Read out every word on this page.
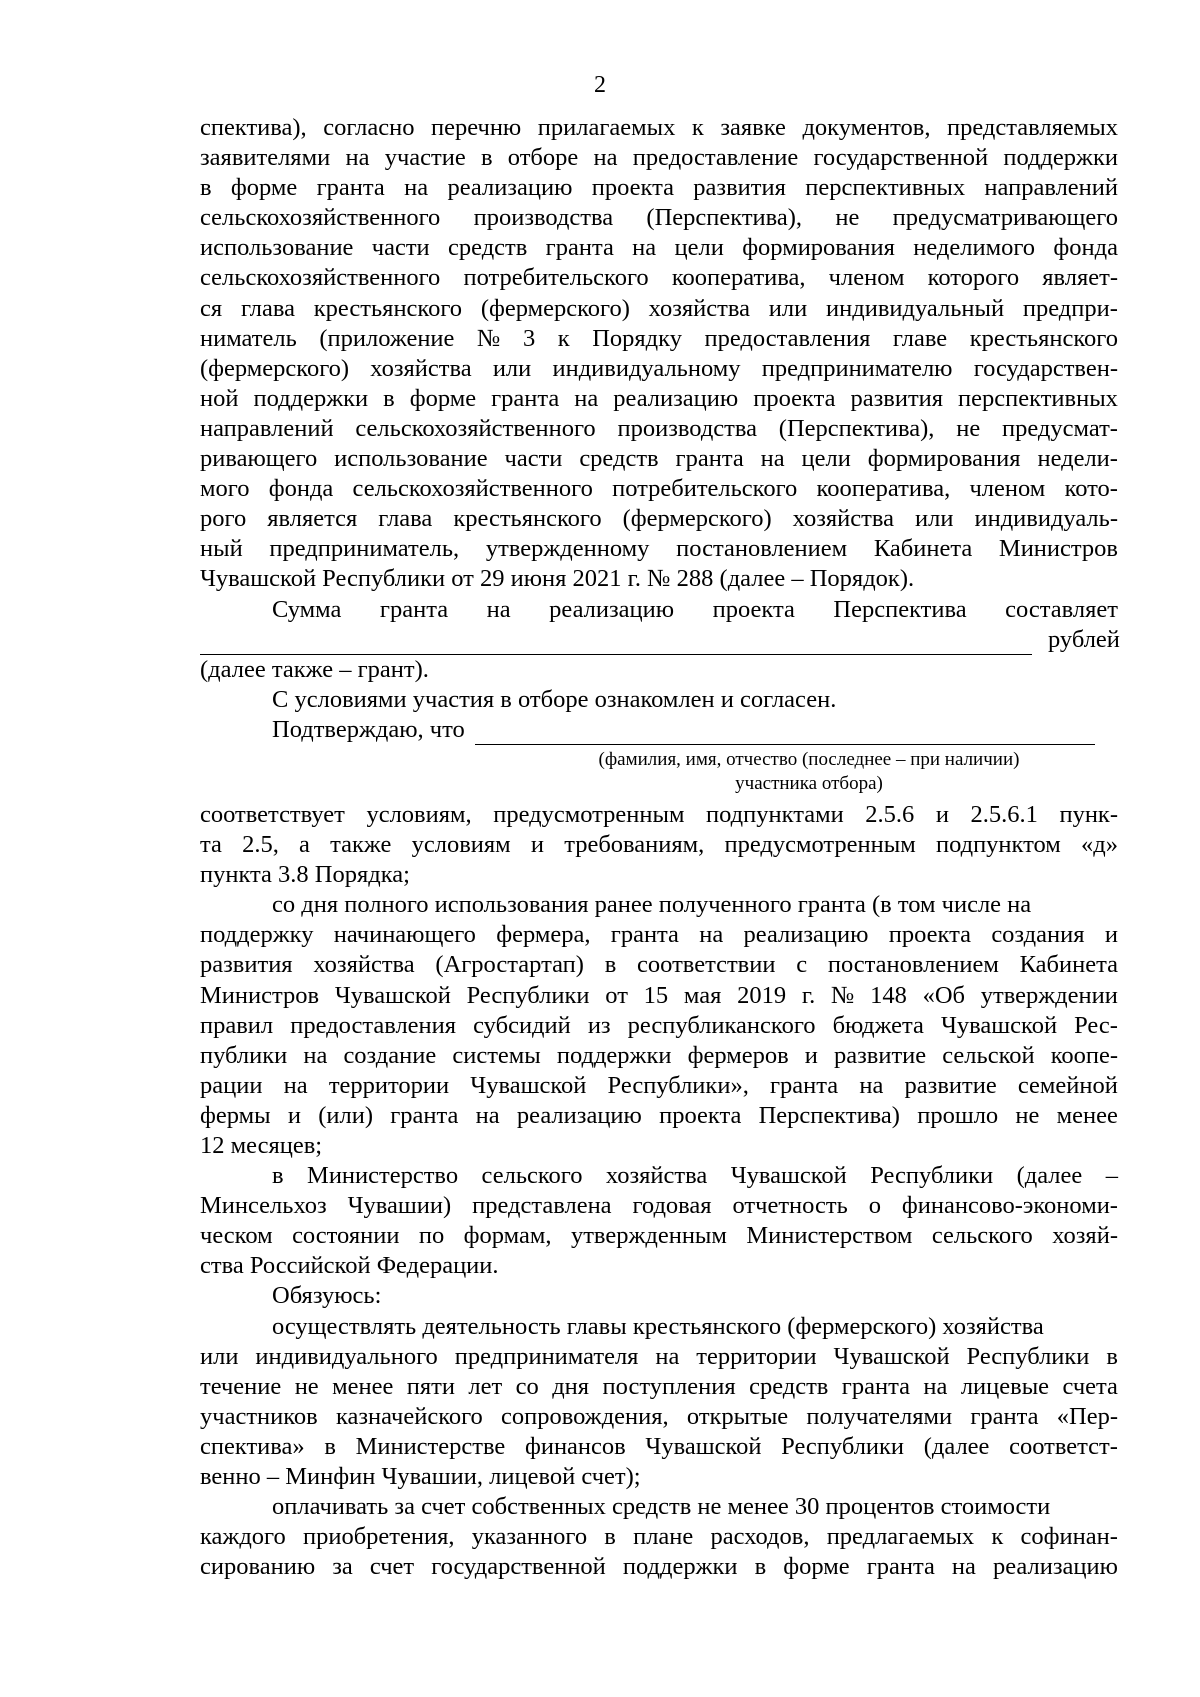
2
спектива), согласно перечню прилагаемых к заявке документов, представляемых
заявителями на участие в отборе на предоставление государственной поддержки
в форме гранта на реализацию проекта развития перспективных направлений
сельскохозяйственного производства (Перспектива), не предусматривающего
использование части средств гранта на цели формирования неделимого фонда
сельскохозяйственного потребительского кооператива, членом которого являет-
ся глава крестьянского (фермерского) хозяйства или индивидуальный предпри-
ниматель (приложение № 3 к Порядку предоставления главе крестьянского
(фермерского) хозяйства или индивидуальному предпринимателю государствен-
ной поддержки в форме гранта на реализацию проекта развития перспективных
направлений сельскохозяйственного производства (Перспектива), не предусмат-
ривающего использование части средств гранта на цели формирования недели-
мого фонда сельскохозяйственного потребительского кооператива, членом кото-
рого является глава крестьянского (фермерского) хозяйства или индивидуаль-
ный предприниматель, утвержденному постановлением Кабинета Министров
Чувашской Республики от 29 июня 2021 г. № 288 (далее – Порядок).
Сумма гранта на реализацию проекта Перспектива составляет
рублей
(далее также – грант).
С условиями участия в отборе ознакомлен и согласен.
Подтверждаю, что
(фамилия, имя, отчество (последнее – при наличии)
участника отбора)
соответствует условиям, предусмотренным подпунктами 2.5.6 и 2.5.6.1 пунк-
та 2.5, а также условиям и требованиям, предусмотренным подпунктом «д»
пункта 3.8 Порядка;
со дня полного использования ранее полученного гранта (в том числе на
поддержку начинающего фермера, гранта на реализацию проекта создания и
развития хозяйства (Агростартап) в соответствии с постановлением Кабинета
Министров Чувашской Республики от 15 мая 2019 г. № 148 «Об утверждении
правил предоставления субсидий из республиканского бюджета Чувашской Рес-
публики на создание системы поддержки фермеров и развитие сельской коопе-
рации на территории Чувашской Республики», гранта на развитие семейной
фермы и (или) гранта на реализацию проекта Перспектива) прошло не менее
12 месяцев;
в Министерство сельского хозяйства Чувашской Республики (далее –
Минсельхоз Чувашии) представлена годовая отчетность о финансово-экономи-
ческом состоянии по формам, утвержденным Министерством сельского хозяй-
ства Российской Федерации.
Обязуюсь:
осуществлять деятельность главы крестьянского (фермерского) хозяйства
или индивидуального предпринимателя на территории Чувашской Республики в
течение не менее пяти лет со дня поступления средств гранта на лицевые счета
участников казначейского сопровождения, открытые получателями гранта «Пер-
спектива» в Министерстве финансов Чувашской Республики (далее соответст-
венно – Минфин Чувашии, лицевой счет);
оплачивать за счет собственных средств не менее 30 процентов стоимости
каждого приобретения, указанного в плане расходов, предлагаемых к софинан-
сированию за счет государственной поддержки в форме гранта на реализацию
